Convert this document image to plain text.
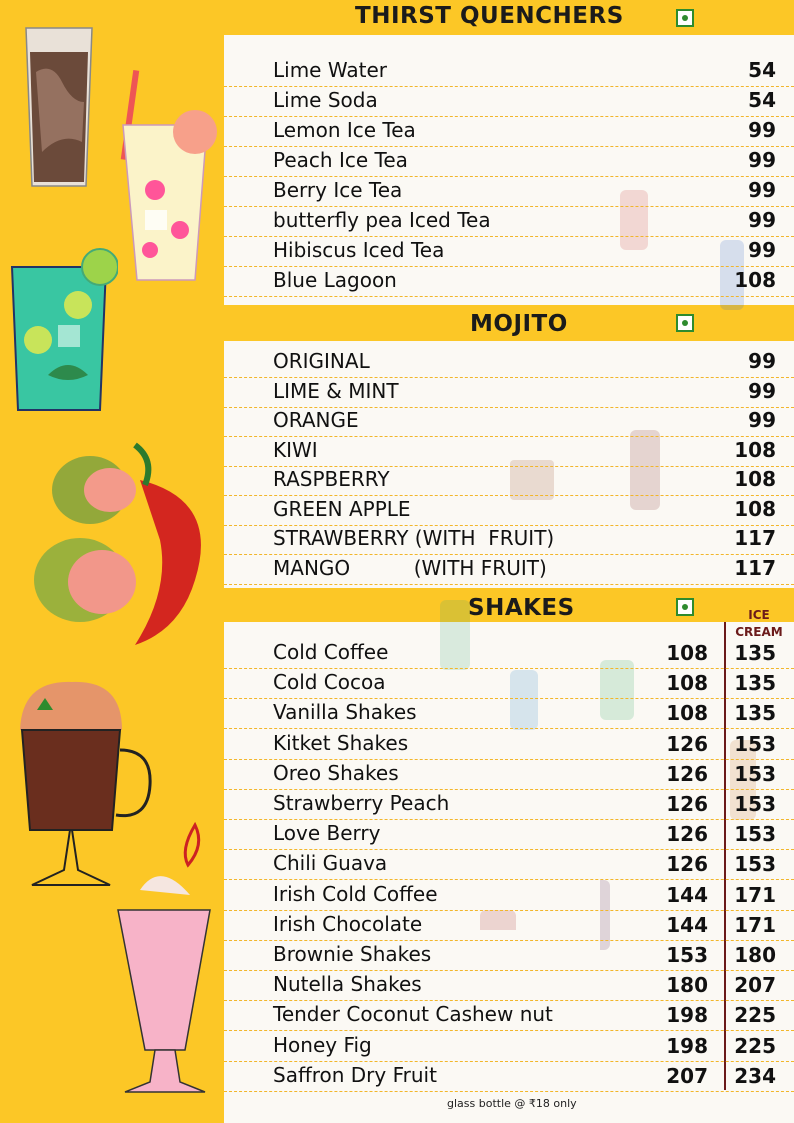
THIRST QUENCHERS
Lime Water	54
Lime Soda	54
Lemon Ice Tea	99
Peach Ice Tea	99
Berry Ice Tea	99
butterfly pea Iced Tea	99
Hibiscus Iced Tea	99
Blue Lagoon	108
MOJITO
ORIGINAL	99
LIME & MINT	99
ORANGE	99
KIWI	108
RASPBERRY	108
GREEN APPLE	108
STRAWBERRY (WITH  FRUIT)	117
MANGO          (WITH FRUIT)	117
SHAKES	ICE
CREAM
Cold Coffee	108 135
Cold Cocoa	108 135
Vanilla Shakes	108 135
Kitket Shakes	126 153
Oreo Shakes	126 153
Strawberry Peach	126 153
Love Berry	126 153
Chili Guava	126 153
Irish Cold Coffee	144 171
Irish Chocolate	144 171
Brownie Shakes	153 180
Nutella Shakes	180 207
Tender Coconut Cashew nut	198 225
Honey Fig	198 225
Saffron Dry Fruit	207 234
glass bottle @ ₹18 only
